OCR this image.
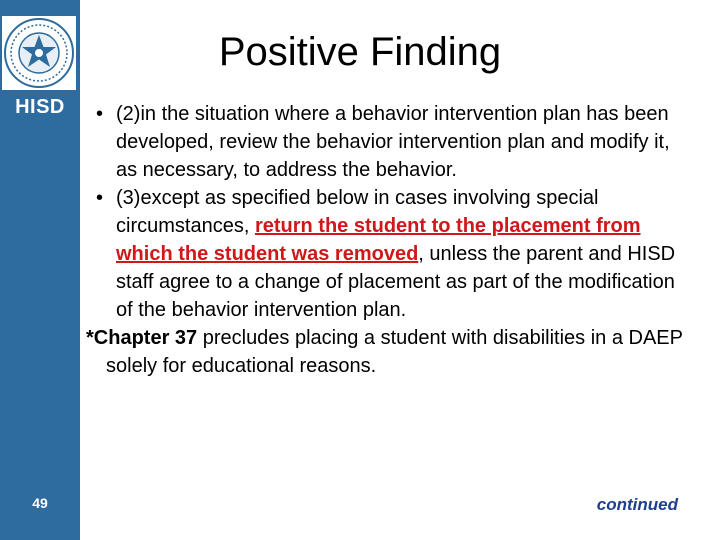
HISD
49
Positive Finding
• (2)in the situation where a behavior intervention plan has been developed, review the behavior intervention plan and modify it, as necessary, to address the behavior.
• (3)except as specified below in cases involving special circumstances, return the student to the placement from which the student was removed, unless the parent and HISD staff agree to a change of placement as part of the modification of the behavior intervention plan.
*Chapter 37 precludes placing a student with disabilities in a DAEP solely for educational reasons.
continued
